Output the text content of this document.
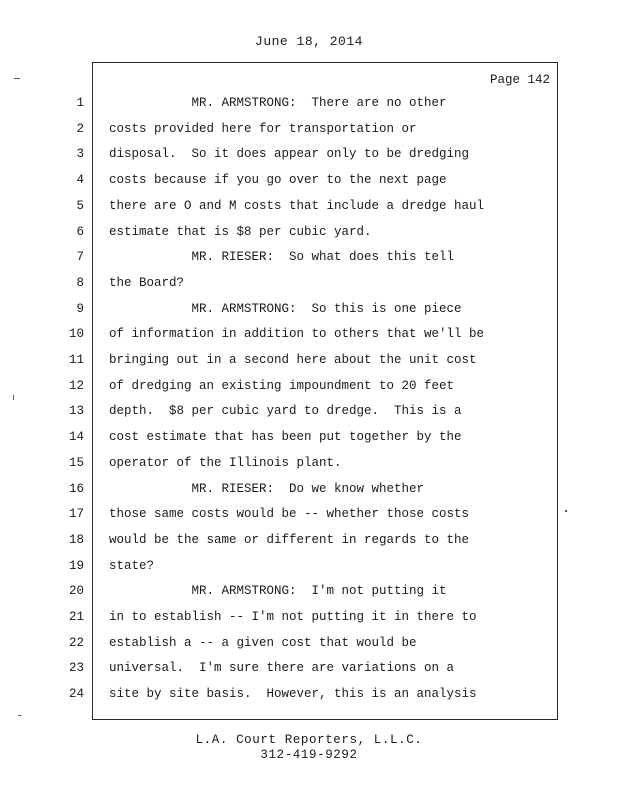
June 18, 2014
Page 142
1 MR. ARMSTRONG:  There are no other
2 costs provided here for transportation or
3 disposal.  So it does appear only to be dredging
4 costs because if you go over to the next page
5 there are O and M costs that include a dredge haul
6 estimate that is $8 per cubic yard.
7 MR. RIESER:  So what does this tell
8 the Board?
9 MR. ARMSTRONG:  So this is one piece
10 of information in addition to others that we'll be
11 bringing out in a second here about the unit cost
12 of dredging an existing impoundment to 20 feet
13 depth.  $8 per cubic yard to dredge.  This is a
14 cost estimate that has been put together by the
15 operator of the Illinois plant.
16 MR. RIESER:  Do we know whether
17 those same costs would be -- whether those costs
18 would be the same or different in regards to the
19 state?
20 MR. ARMSTRONG:  I'm not putting it
21 in to establish -- I'm not putting it in there to
22 establish a -- a given cost that would be
23 universal.  I'm sure there are variations on a
24 site by site basis.  However, this is an analysis
L.A. Court Reporters, L.L.C.
312-419-9292
